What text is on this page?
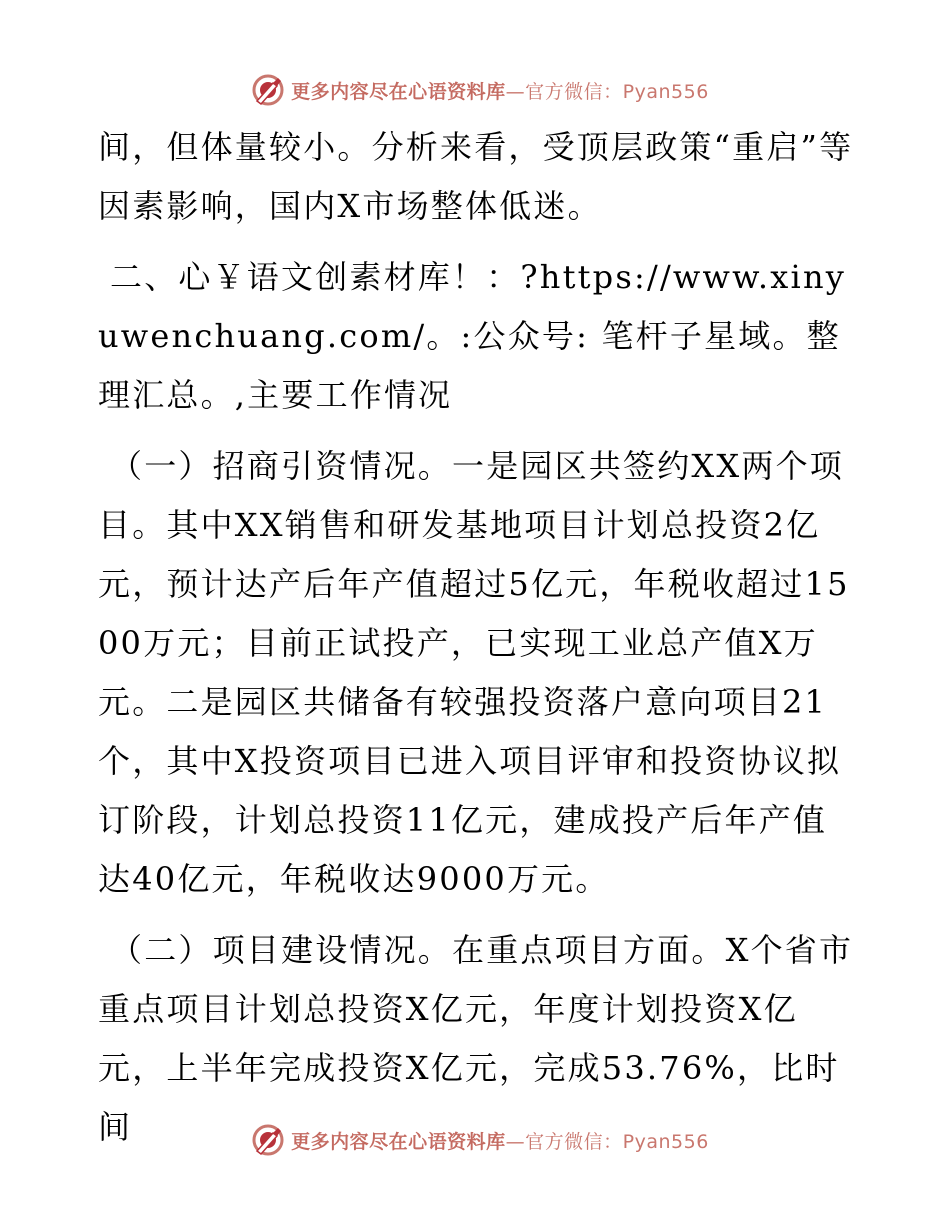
更多内容尽在心语资料库—官方微信：Pyan556

间，但体量较小。分析来看，受顶层政策“重启”等因素影响，国内X市场整体低迷。

二、心￥语文创素材库！：?https://www.xinyuwenchuang.com/。:公众号: 笔杆子星域。整理汇总。,主要工作情况

（一）招商引资情况。一是园区共签约XX两个项目。其中XX销售和研发基地项目计划总投资2亿元，预计达产后年产值超过5亿元，年税收超过1500万元；目前正试投产，已实现工业总产值X万元。二是园区共储备有较强投资落户意向项目21个，其中X投资项目已进入项目评审和投资协议拟订阶段，计划总投资11亿元，建成投产后年产值达40亿元，年税收达9000万元。

（二）项目建设情况。在重点项目方面。X个省市重点项目计划总投资X亿元，年度计划投资X亿元，上半年完成投资X亿元，完成53.76%，比时间	更多内容尽在心语资料库—官方微信：Pyan556
